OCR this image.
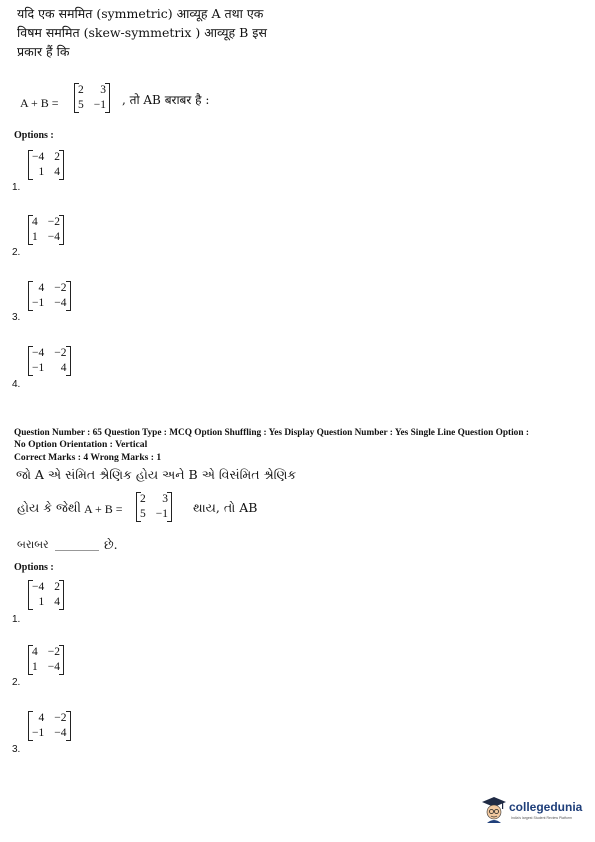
यदि एक सममित (symmetric) आव्यूह A तथा एक
विषम सममित (skew-symmetrix ) आव्यूह B इस
प्रकार हैं कि
A + B =
2	3
5 −1 , तो AB बराबर है :
Options :
−4 2
1 4
1.
4 −2
1 −4
2.
4 −2
−1 −4
3.
−4 −2
−1	4
4.
Question Number : 65 Question Type : MCQ Option Shuffling : Yes Display Question Number : Yes Single Line Question Option :
No Option Orientation : Vertical
Correct Marks : 4 Wrong Marks : 1
જો A એ સંમિત શ્રેણિક હોય અને B એ વિસંમિત શ્રેણિક
હોય કે જેથી A + B =
2	3
5 −1 થાય, તો AB
બરાબર ________ છે.
Options :
−4 2
1 4
1.
4 −2
1 −4
2.
4 −2
−1 −4
3.
collegedunia
India's largest Student Review Platform
